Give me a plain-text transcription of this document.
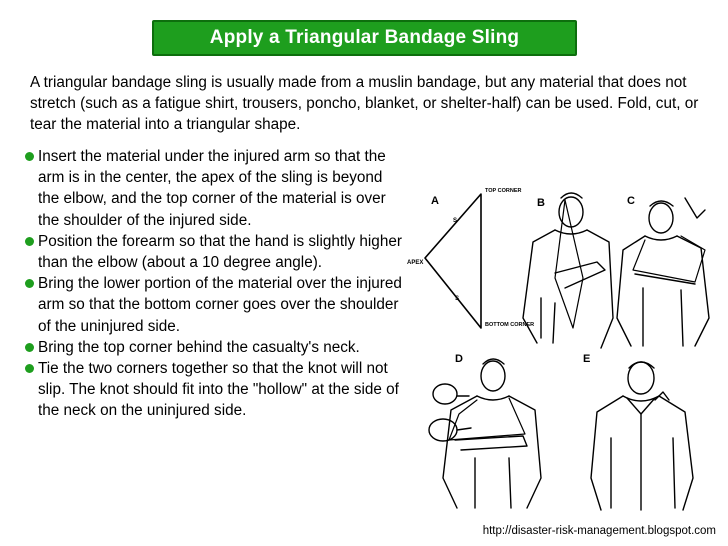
Apply a Triangular Bandage Sling
A triangular bandage sling is usually made from a muslin bandage, but any material that does not stretch (such as a fatigue shirt, trousers, poncho, blanket, or shelter-half) can be used. Fold, cut, or tear the material into a triangular shape.
Insert the material under the injured arm so that the arm is in the center, the apex of the sling is beyond the elbow, and the top corner of the material is over the shoulder of the injured side.
Position the forearm so that the hand is slightly higher than the elbow (about a 10 degree angle).
Bring the lower portion of the material over the injured arm so that the bottom corner goes over the shoulder of the uninjured side.
Bring the top corner behind the casualty's neck.
Tie the two corners together so that the knot will not slip. The knot should fit into the "hollow" at the side of the neck on the uninjured side.
A
APEX
TOP CORNER
BOTTOM CORNER
S
S
B	C
D	E
http://disaster-risk-management.blogspot.com
